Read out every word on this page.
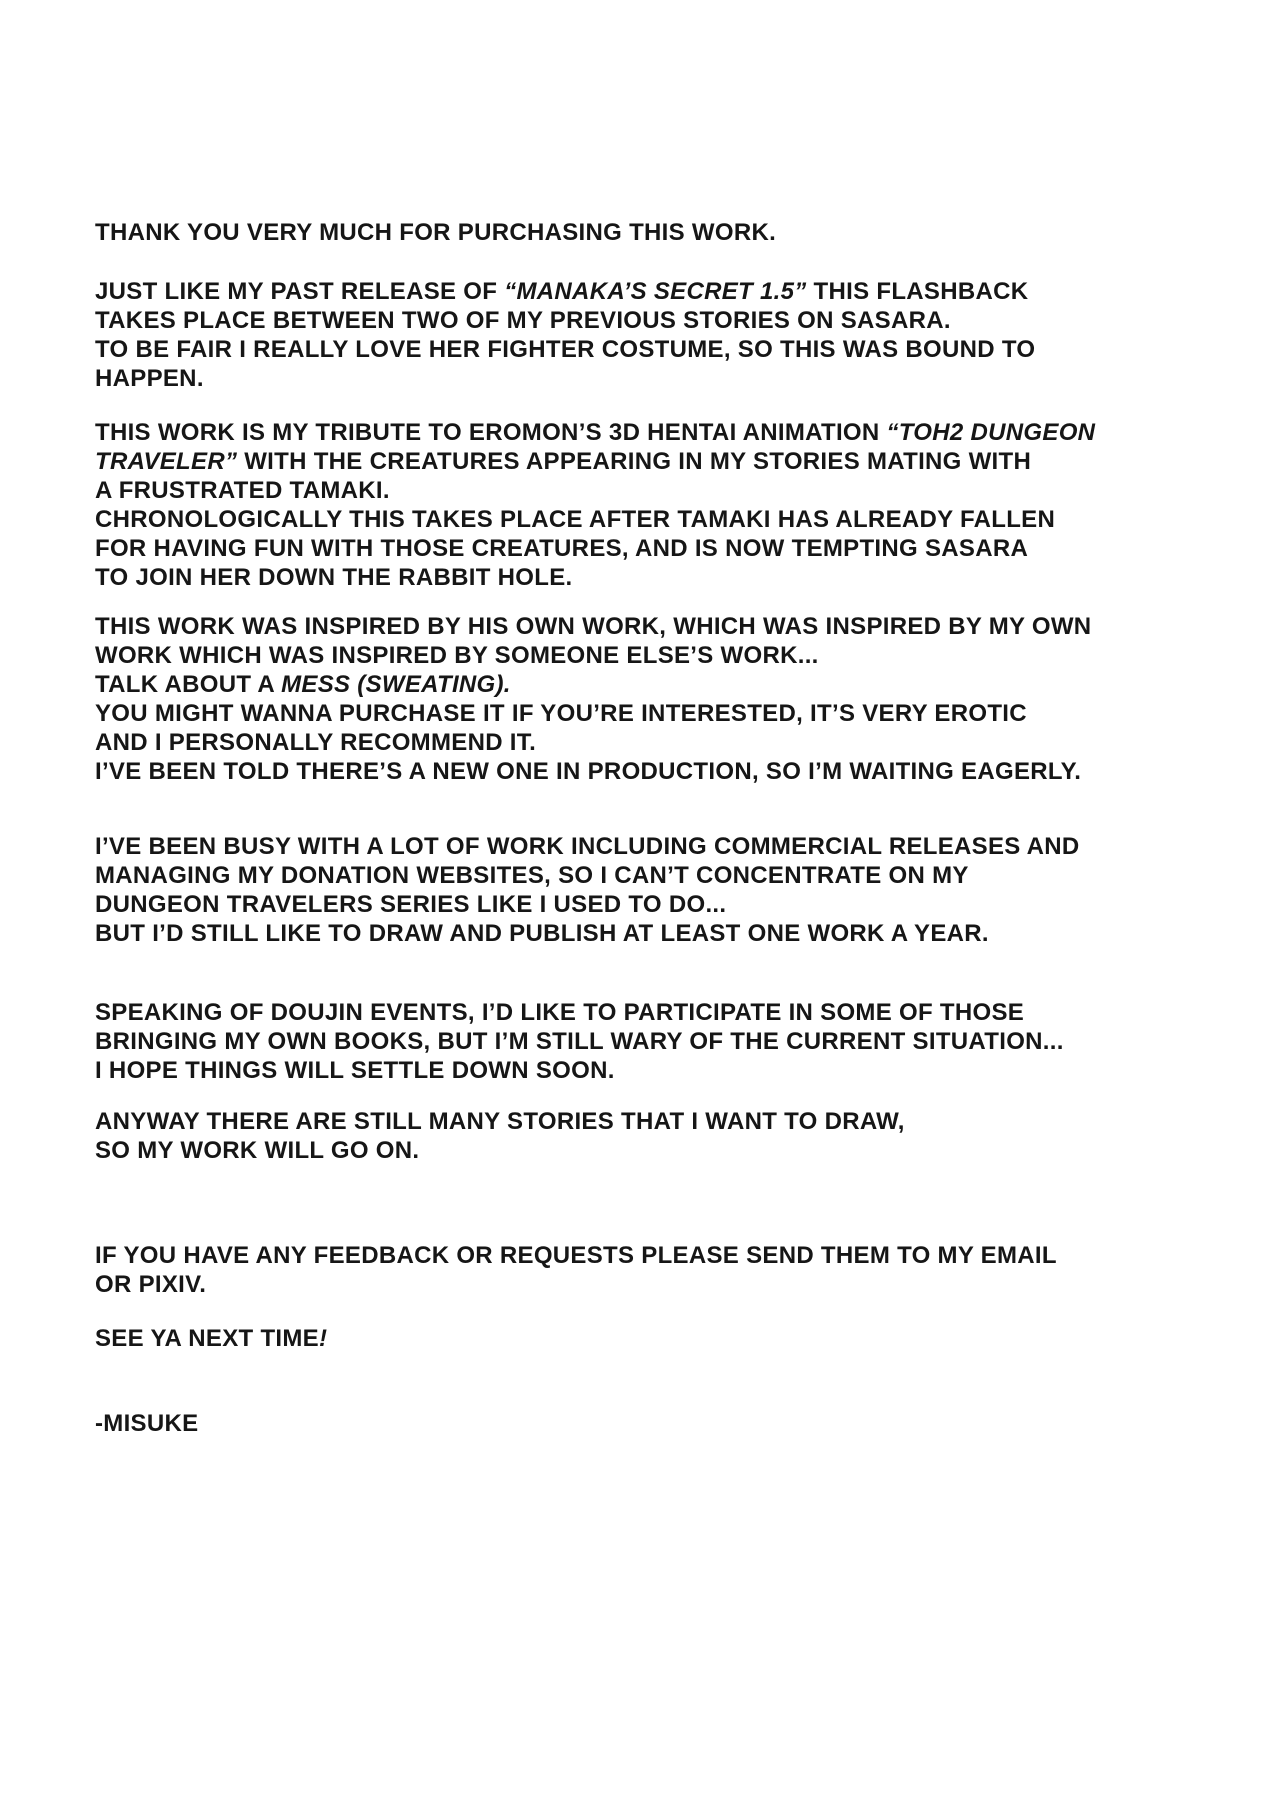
THANK YOU VERY MUCH FOR PURCHASING THIS WORK.
JUST LIKE MY PAST RELEASE OF “MANAKA’S SECRET 1.5” THIS FLASHBACK
TAKES PLACE BETWEEN TWO OF MY PREVIOUS STORIES ON SASARA.
TO BE FAIR I REALLY LOVE HER FIGHTER COSTUME, SO THIS WAS BOUND TO
HAPPEN.
THIS WORK IS MY TRIBUTE TO EROMON’S 3D HENTAI ANIMATION “TOH2 DUNGEON
TRAVELER” WITH THE CREATURES APPEARING IN MY STORIES MATING WITH
A FRUSTRATED TAMAKI.
CHRONOLOGICALLY THIS TAKES PLACE AFTER TAMAKI HAS ALREADY FALLEN
FOR HAVING FUN WITH THOSE CREATURES, AND IS NOW TEMPTING SASARA
TO JOIN HER DOWN THE RABBIT HOLE.
THIS WORK WAS INSPIRED BY HIS OWN WORK, WHICH WAS INSPIRED BY MY OWN
WORK WHICH WAS INSPIRED BY SOMEONE ELSE’S WORK...
TALK ABOUT A MESS (SWEATING).
YOU MIGHT WANNA PURCHASE IT IF YOU’RE INTERESTED, IT’S VERY EROTIC
AND I PERSONALLY RECOMMEND IT.
I’VE BEEN TOLD THERE’S A NEW ONE IN PRODUCTION, SO I’M WAITING EAGERLY.
I’VE BEEN BUSY WITH A LOT OF WORK INCLUDING COMMERCIAL RELEASES AND
MANAGING MY DONATION WEBSITES, SO I CAN’T CONCENTRATE ON MY
DUNGEON TRAVELERS SERIES LIKE I USED TO DO...
BUT I’D STILL LIKE TO DRAW AND PUBLISH AT LEAST ONE WORK A YEAR.
SPEAKING OF DOUJIN EVENTS, I’D LIKE TO PARTICIPATE IN SOME OF THOSE
BRINGING MY OWN BOOKS, BUT I’M STILL WARY OF THE CURRENT SITUATION...
I HOPE THINGS WILL SETTLE DOWN SOON.
ANYWAY THERE ARE STILL MANY STORIES THAT I WANT TO DRAW,
SO MY WORK WILL GO ON.
IF YOU HAVE ANY FEEDBACK OR REQUESTS PLEASE SEND THEM TO MY EMAIL
OR PIXIV.
SEE YA NEXT TIME!
-MISUKE
